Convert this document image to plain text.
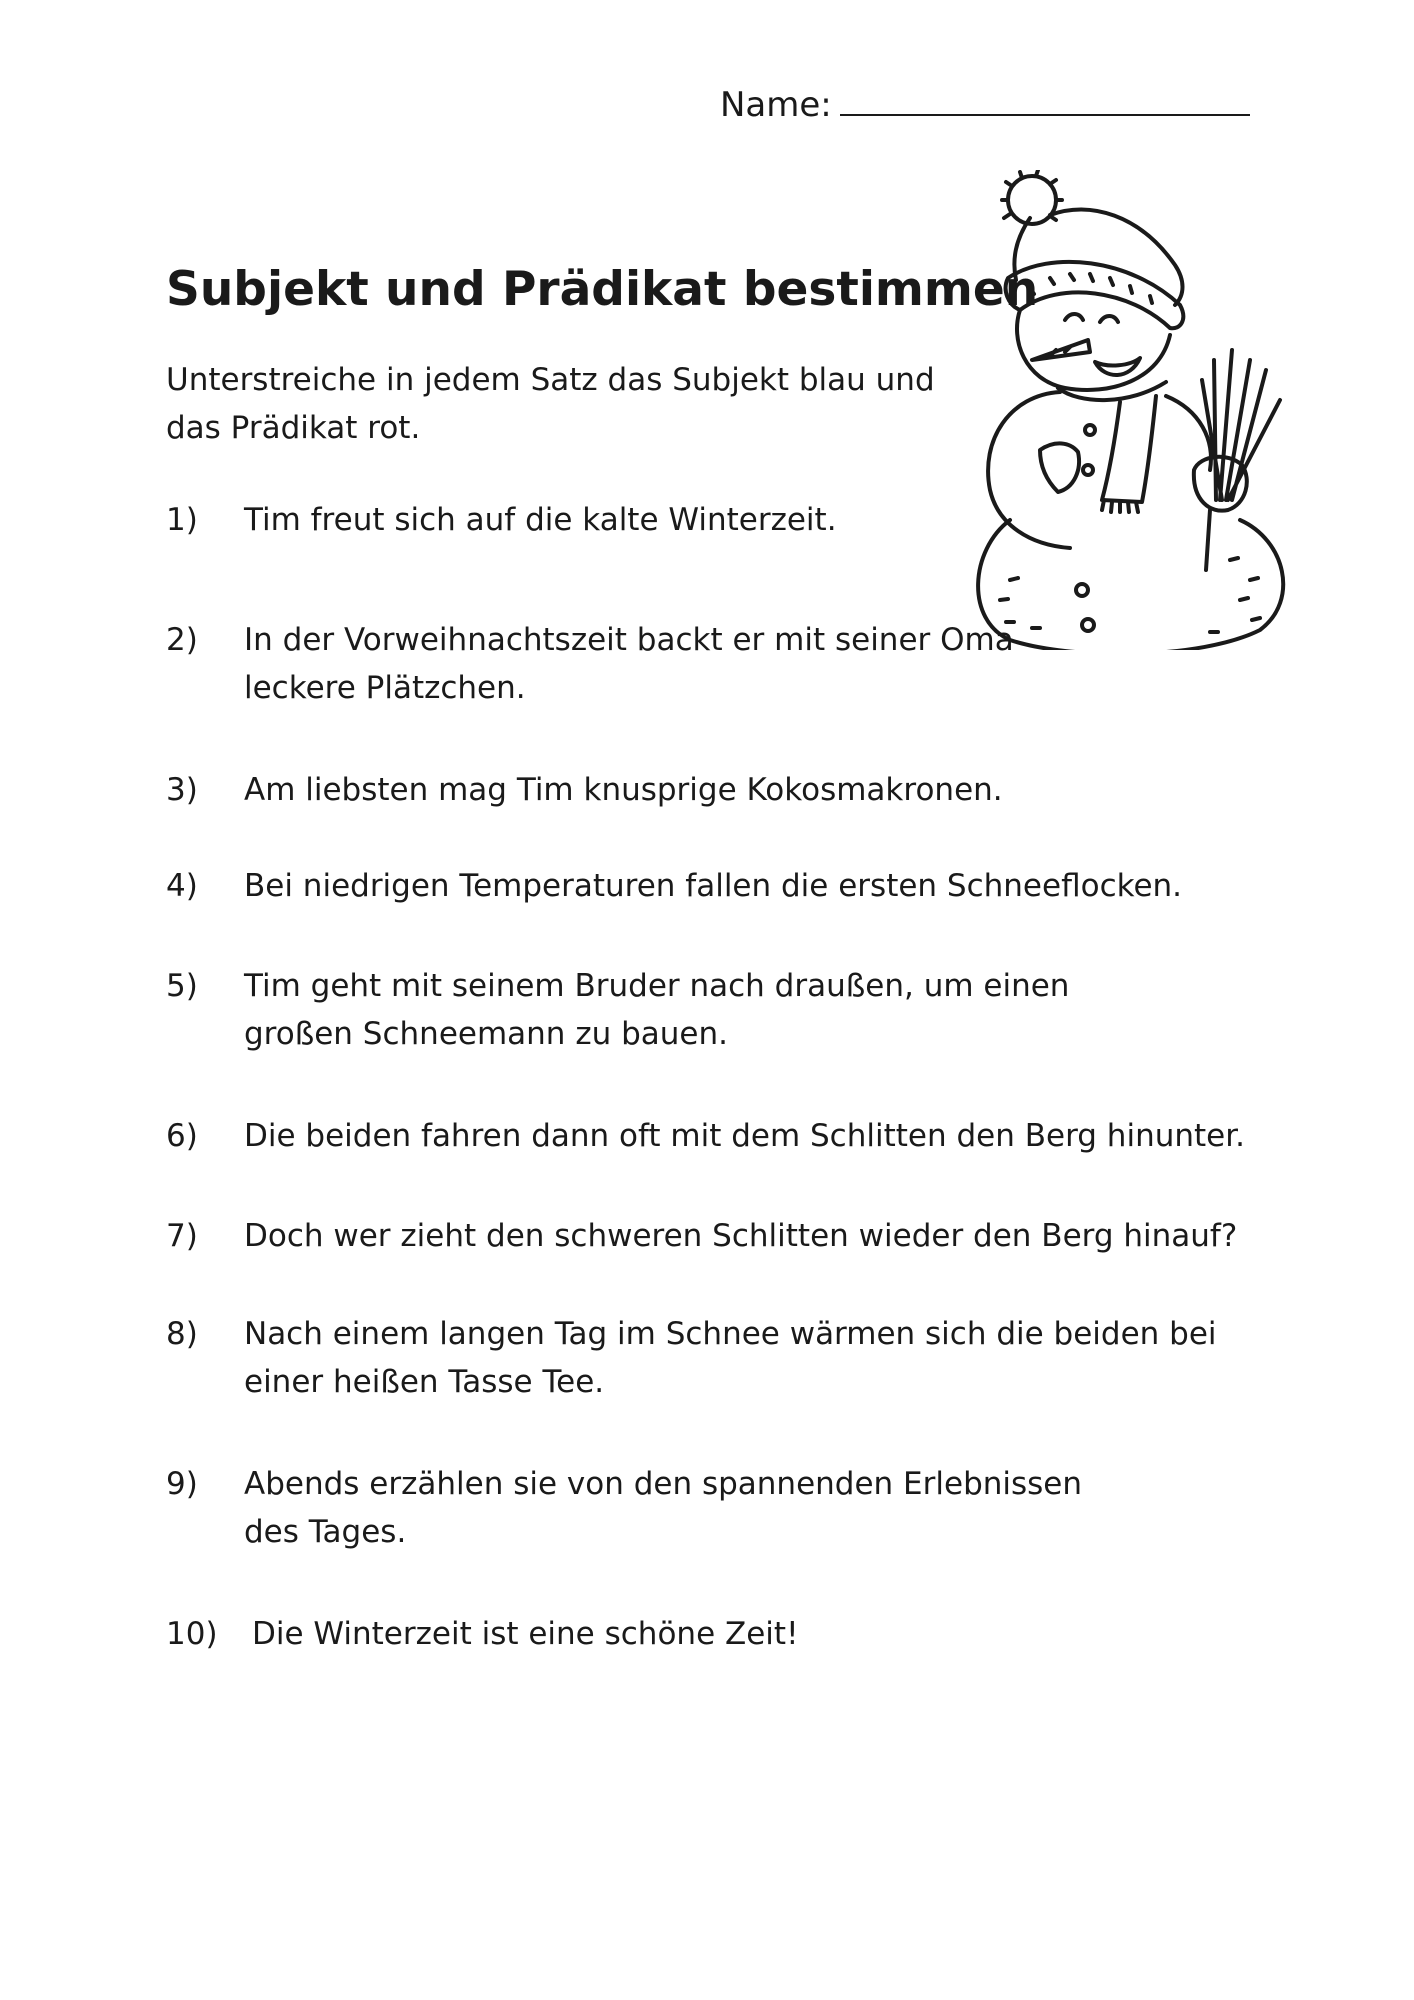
Name:
Subjekt und Prädikat bestimmen

Unterstreiche in jedem Satz das Subjekt blau und das Prädikat rot.

1) Tim freut sich auf die kalte Winterzeit.
2) In der Vorweihnachtszeit backt er mit seiner Oma leckere Plätzchen.
3) Am liebsten mag Tim knusprige Kokosmakronen.
4) Bei niedrigen Temperaturen fallen die ersten Schneeflocken.
5) Tim geht mit seinem Bruder nach draußen, um einen großen Schneemann zu bauen.
6) Die beiden fahren dann oft mit dem Schlitten den Berg hinunter.
7) Doch wer zieht den schweren Schlitten wieder den Berg hinauf?
8) Nach einem langen Tag im Schnee wärmen sich die beiden bei einer heißen Tasse Tee.
9) Abends erzählen sie von den spannenden Erlebnissen des Tages.
10) Die Winterzeit ist eine schöne Zeit!
